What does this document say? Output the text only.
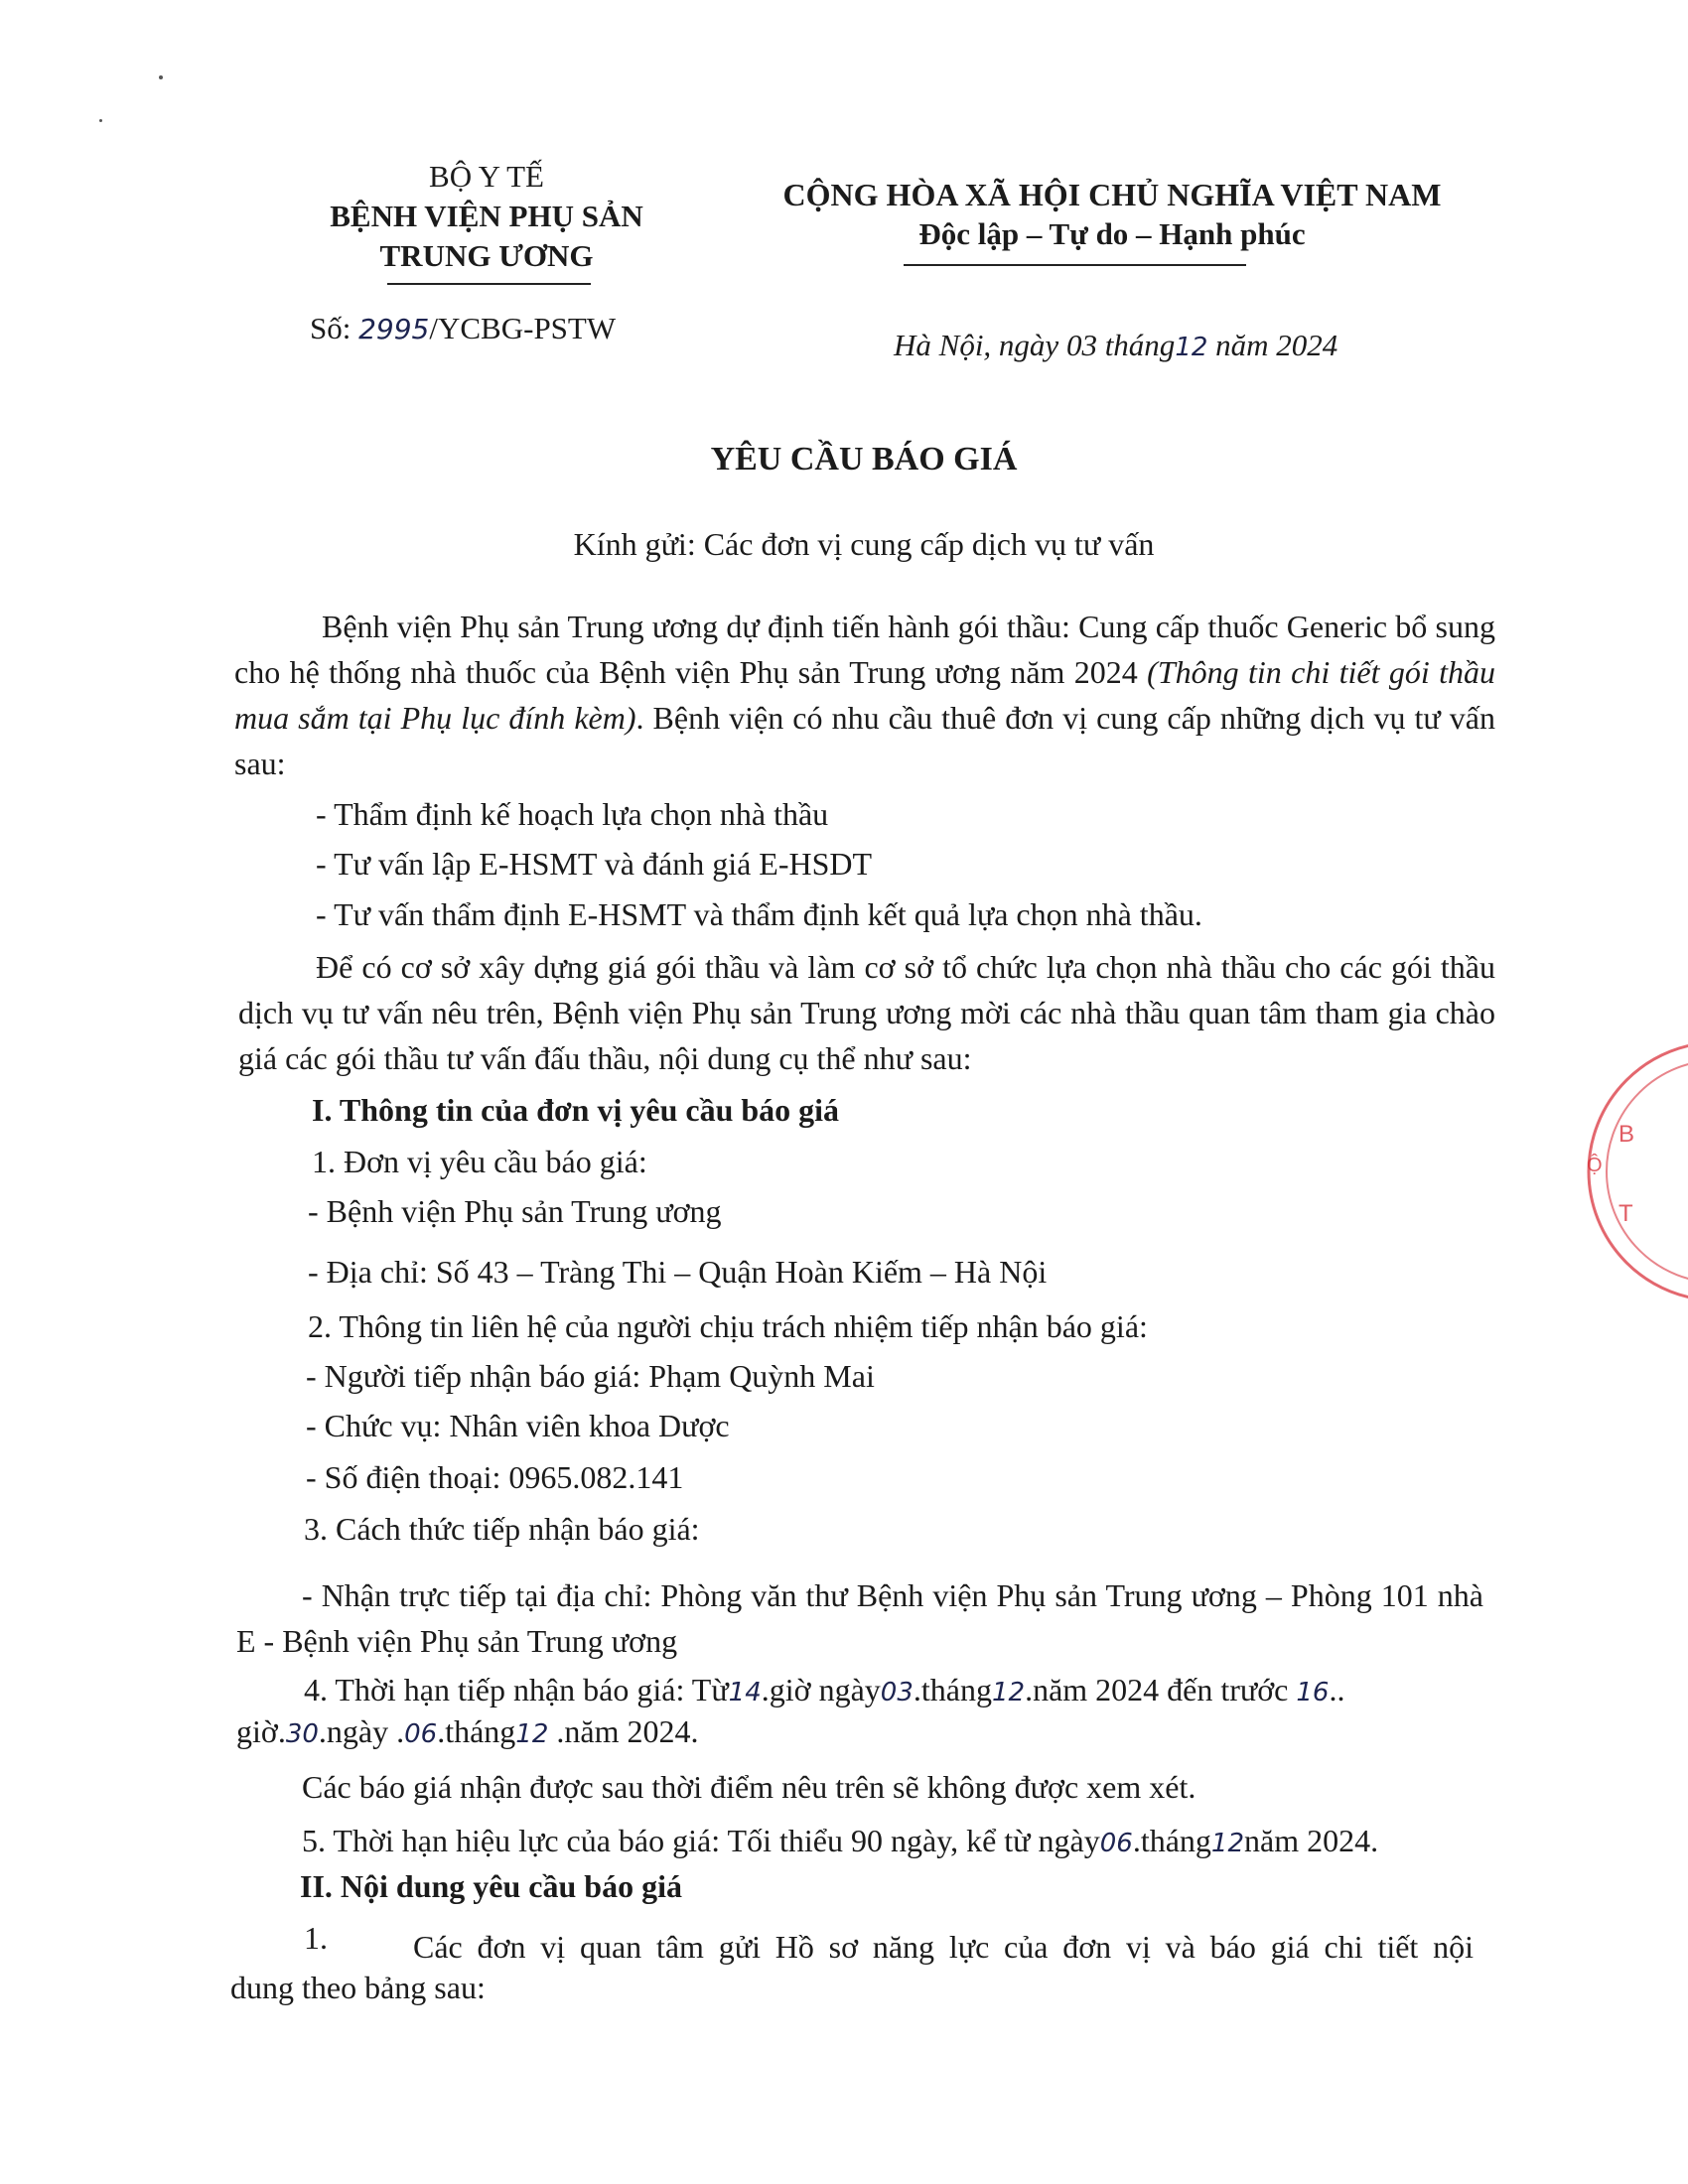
BỘ Y TẾ
BỆNH VIỆN PHỤ SẢN
TRUNG ƯƠNG
Số: 2995/YCBG-PSTW
CỘNG HÒA XÃ HỘI CHỦ NGHĨA VIỆT NAM
Độc lập – Tự do – Hạnh phúc
Hà Nội, ngày 03 tháng12 năm 2024
YÊU CẦU BÁO GIÁ
Kính gửi: Các đơn vị cung cấp dịch vụ tư vấn
Bệnh viện Phụ sản Trung ương dự định tiến hành gói thầu: Cung cấp thuốc Generic bổ sung cho hệ thống nhà thuốc của Bệnh viện Phụ sản Trung ương năm 2024 (Thông tin chi tiết gói thầu mua sắm tại Phụ lục đính kèm). Bệnh viện có nhu cầu thuê đơn vị cung cấp những dịch vụ tư vấn sau:
- Thẩm định kế hoạch lựa chọn nhà thầu
- Tư vấn lập E-HSMT và đánh giá E-HSDT
- Tư vấn thẩm định E-HSMT và thẩm định kết quả lựa chọn nhà thầu.
Để có cơ sở xây dựng giá gói thầu và làm cơ sở tổ chức lựa chọn nhà thầu cho các gói thầu dịch vụ tư vấn nêu trên, Bệnh viện Phụ sản Trung ương mời các nhà thầu quan tâm tham gia chào giá các gói thầu tư vấn đấu thầu, nội dung cụ thể như sau:
I. Thông tin của đơn vị yêu cầu báo giá
1. Đơn vị yêu cầu báo giá:
- Bệnh viện Phụ sản Trung ương
- Địa chỉ: Số 43 – Tràng Thi – Quận Hoàn Kiếm – Hà Nội
2. Thông tin liên hệ của người chịu trách nhiệm tiếp nhận báo giá:
- Người tiếp nhận báo giá: Phạm Quỳnh Mai
- Chức vụ: Nhân viên khoa Dược
- Số điện thoại: 0965.082.141
3. Cách thức tiếp nhận báo giá:
- Nhận trực tiếp tại địa chỉ: Phòng văn thư Bệnh viện Phụ sản Trung ương – Phòng 101 nhà E - Bệnh viện Phụ sản Trung ương
4. Thời hạn tiếp nhận báo giá: Từ14.giờ ngày03.tháng12.năm 2024 đến trước 16..
giờ.30.ngày .06.tháng12 .năm 2024.
Các báo giá nhận được sau thời điểm nêu trên sẽ không được xem xét.
5. Thời hạn hiệu lực của báo giá: Tối thiểu 90 ngày, kể từ ngày06.tháng12năm 2024.
II. Nội dung yêu cầu báo giá
1.	Các đơn vị quan tâm gửi Hồ sơ năng lực của đơn vị và báo giá chi tiết nội
dung theo bảng sau:
B
T
Ộ
